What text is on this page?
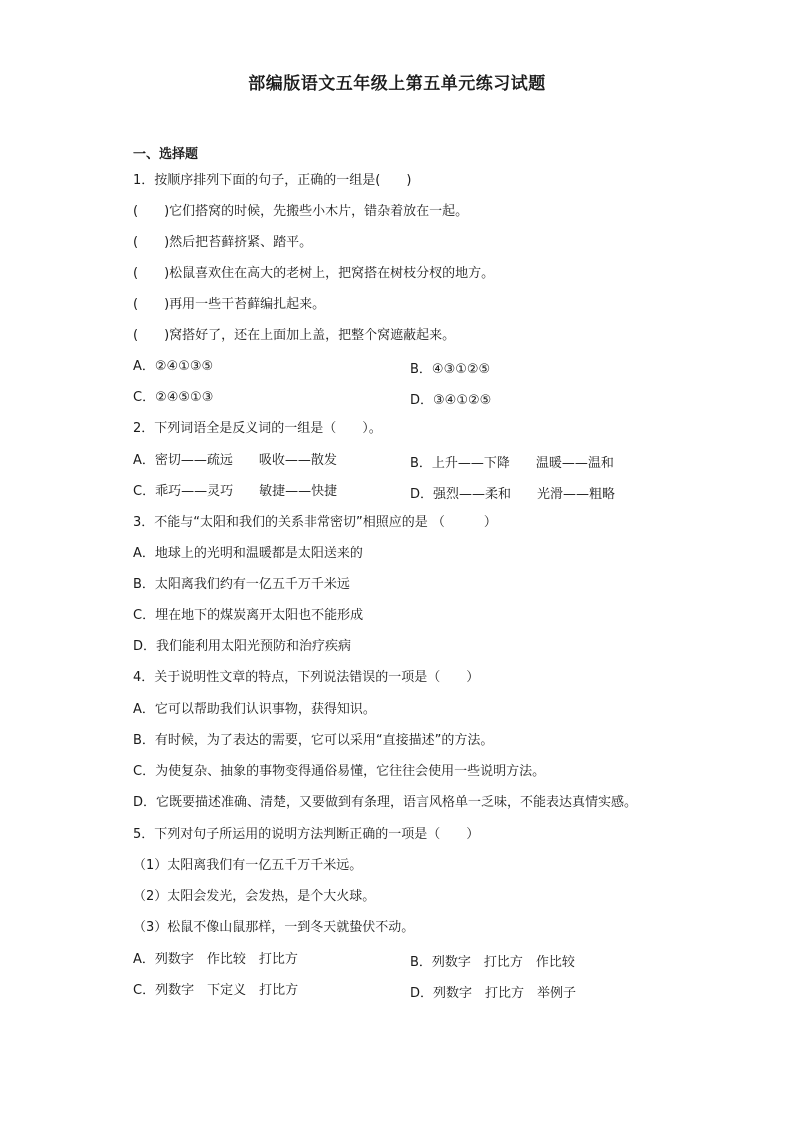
部编版语文五年级上第五单元练习试题
一、选择题
1．按顺序排列下面的句子，正确的一组是(　　)
(　　)它们搭窝的时候，先搬些小木片，错杂着放在一起。
(　　)然后把苔藓挤紧、踏平。
(　　)松鼠喜欢住在高大的老树上，把窝搭在树枝分杈的地方。
(　　)再用一些干苔藓编扎起来。
(　　)窝搭好了，还在上面加上盖，把整个窝遮蔽起来。
A．②④①③⑤	B．④③①②⑤
C．②④⑤①③	D．③④①②⑤
2．下列词语全是反义词的一组是（　　）。
A．密切——疏远　　吸收——散发	B．上升——下降　　温暖——温和
C．乖巧——灵巧　　敏捷——快捷	D．强烈——柔和　　光滑——粗略
3．不能与“太阳和我们的关系非常密切”相照应的是 （　　　）
A．地球上的光明和温暖都是太阳送来的
B．太阳离我们约有一亿五千万千米远
C．埋在地下的煤炭离开太阳也不能形成
D．我们能利用太阳光预防和治疗疾病
4．关于说明性文章的特点，下列说法错误的一项是（　　）
A．它可以帮助我们认识事物，获得知识。
B．有时候，为了表达的需要，它可以采用“直接描述”的方法。
C．为使复杂、抽象的事物变得通俗易懂，它往往会使用一些说明方法。
D．它既要描述准确、清楚，又要做到有条理，语言风格单一乏味，不能表达真情实感。
5．下列对句子所运用的说明方法判断正确的一项是（　　）
（1）太阳离我们有一亿五千万千米远。
（2）太阳会发光，会发热，是个大火球。
（3）松鼠不像山鼠那样，一到冬天就蛰伏不动。
A．列数字　作比较　打比方	B．列数字　打比方　作比较
C．列数字　下定义　打比方	D．列数字　打比方　举例子
